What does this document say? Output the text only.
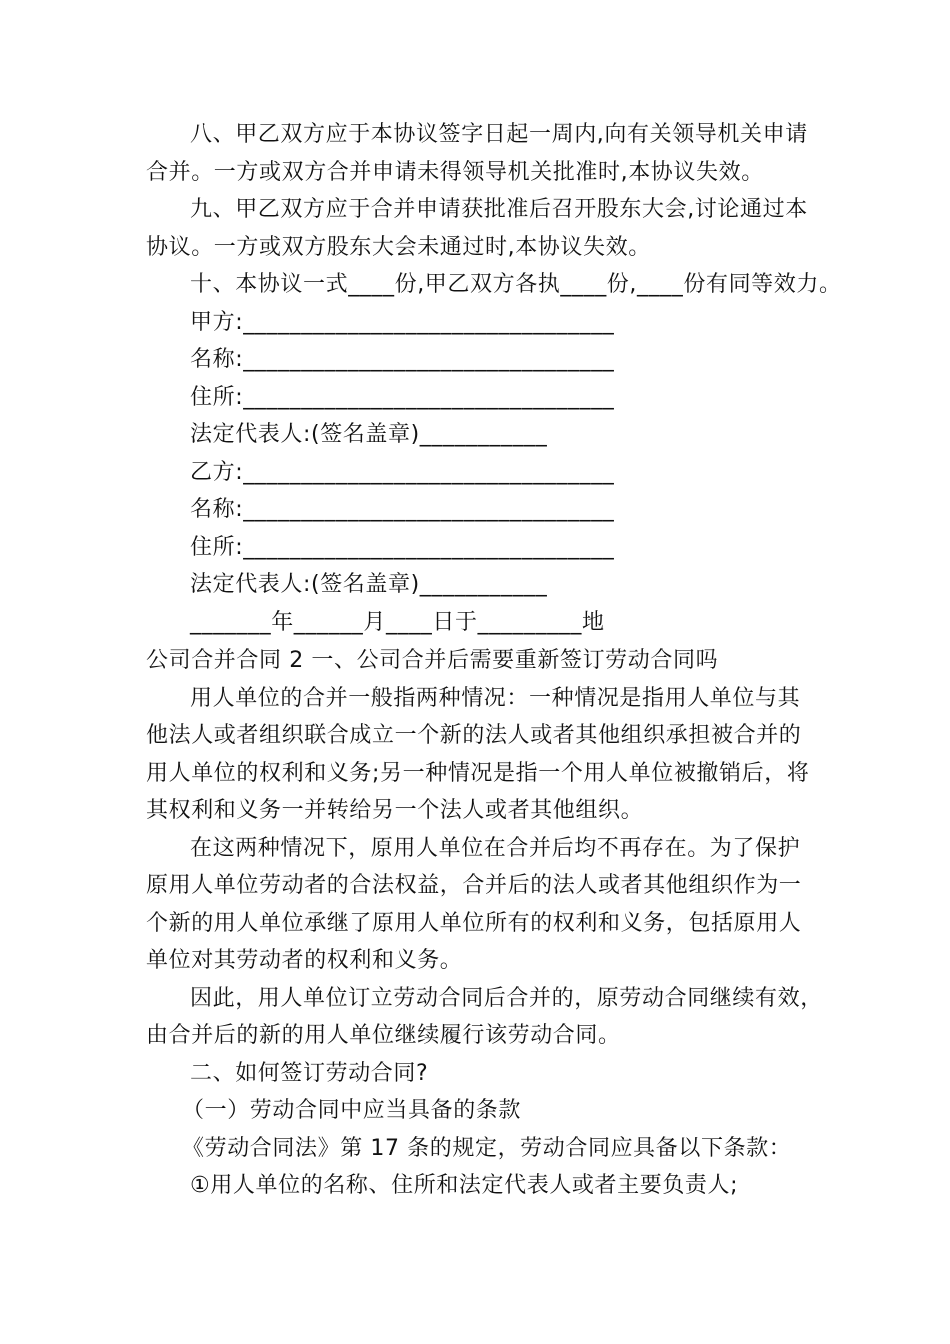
八、甲乙双方应于本协议签字日起一周内,向有关领导机关申请
合并。一方或双方合并申请未得领导机关批准时,本协议失效。
九、甲乙双方应于合并申请获批准后召开股东大会,讨论通过本
协议。一方或双方股东大会未通过时,本协议失效。
十、本协议一式____份,甲乙双方各执____份,____份有同等效力。
甲方:________________________________
名称:________________________________
住所:________________________________
法定代表人:(签名盖章)___________
乙方:________________________________
名称:________________________________
住所:________________________________
法定代表人:(签名盖章)___________
_______年______月____日于_________地
公司合并合同 2 一、公司合并后需要重新签订劳动合同吗
用人单位的合并一般指两种情况：一种情况是指用人单位与其
他法人或者组织联合成立一个新的法人或者其他组织承担被合并的
用人单位的权利和义务;另一种情况是指一个用人单位被撤销后，将
其权利和义务一并转给另一个法人或者其他组织。
在这两种情况下，原用人单位在合并后均不再存在。为了保护
原用人单位劳动者的合法权益，合并后的法人或者其他组织作为一
个新的用人单位承继了原用人单位所有的权利和义务，包括原用人
单位对其劳动者的权利和义务。
因此，用人单位订立劳动合同后合并的，原劳动合同继续有效，
由合并后的新的用人单位继续履行该劳动合同。
二、如何签订劳动合同?
（一）劳动合同中应当具备的条款
《劳动合同法》第 17 条的规定，劳动合同应具备以下条款：
①用人单位的名称、住所和法定代表人或者主要负责人;
